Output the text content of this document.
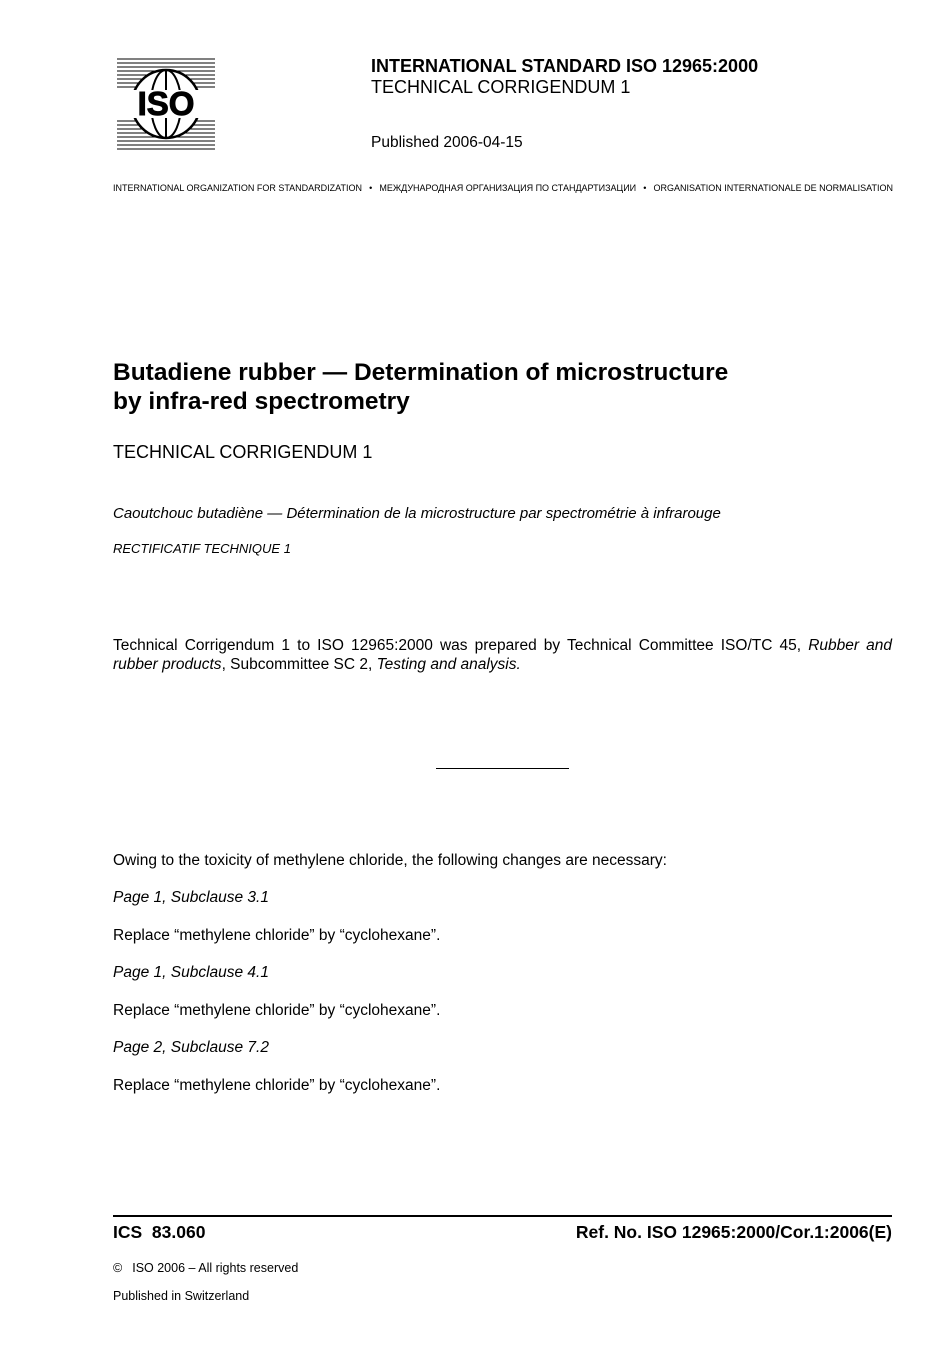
ISO
INTERNATIONAL STANDARD ISO 12965:2000
TECHNICAL CORRIGENDUM 1
Published 2006-04-15
INTERNATIONAL ORGANIZATION FOR STANDARDIZATION • МЕЖДУНАРОДНАЯ ОРГАНИЗАЦИЯ ПО СТАНДАРТИЗАЦИИ • ORGANISATION INTERNATIONALE DE NORMALISATION
Butadiene rubber — Determination of microstructure
by infra-red spectrometry
TECHNICAL CORRIGENDUM 1
Caoutchouc butadiène — Détermination de la microstructure par spectrométrie à infrarouge
RECTIFICATIF TECHNIQUE 1
Technical Corrigendum 1 to ISO 12965:2000 was prepared by Technical Committee ISO/TC 45, Rubber and rubber products, Subcommittee SC 2, Testing and analysis.
Owing to the toxicity of methylene chloride, the following changes are necessary:
Page 1, Subclause 3.1
Replace “methylene chloride” by “cyclohexane”.
Page 1, Subclause 4.1
Replace “methylene chloride” by “cyclohexane”.
Page 2, Subclause 7.2
Replace “methylene chloride” by “cyclohexane”.
ICS  83.060	Ref. No. ISO 12965:2000/Cor.1:2006(E)
© ISO 2006 – All rights reserved
Published in Switzerland
